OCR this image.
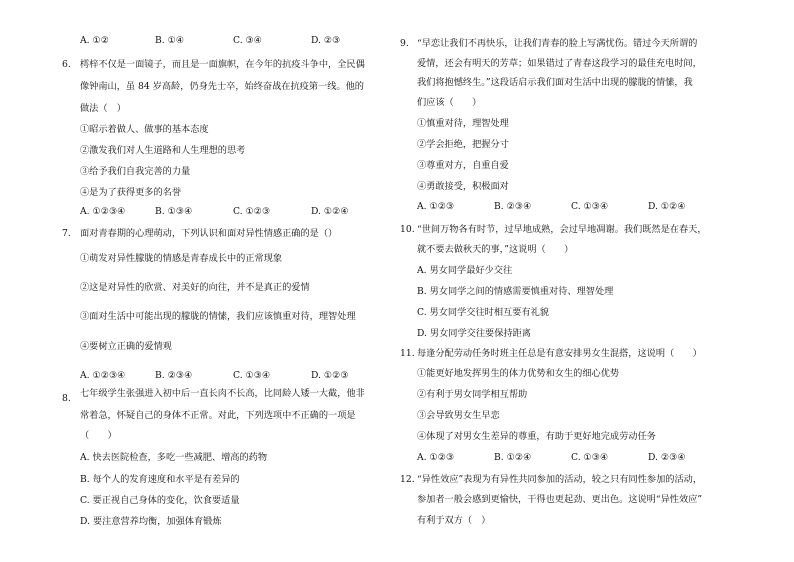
A. ①②	B. ①④	C. ③④	D. ②③
6. 樗梓不仅是一面镜子，而且是一面旗帜，在今年的抗疫斗争中，全民偶
像钟南山，虽 84 岁高龄，仍身先士卒，始终奋战在抗疫第一线。他的
做法（　）
①昭示着做人、做事的基本态度
②激发我们对人生道路和人生理想的思考
③给予我们自我完善的力量
④是为了获得更多的名誉
A. ①②③④	B. ①③④	C. ①②③	D. ①②④
7. 面对青春期的心理萌动，下列认识和面对异性情感正确的是（）
①萌发对异性朦胧的情感是青春成长中的正常现象
②这是对异性的欣赏、对美好的向往，并不是真正的爱情
③面对生活中可能出现的朦胧的情愫，我们应该慎重对待，理智处理
④要树立正确的爱情观
A. ①②③④	B. ②③④	C. ①③④	D. ①②③
8. 七年级学生张强进入初中后一直长肉不长高，比同龄人矮一大截，他非
常着急，怀疑自己的身体不正常。对此，下列选项中不正确的一项是
（　　）
A. 快去医院检查，多吃一些减肥、增高的药物
B. 每个人的发育速度和水平是有差异的
C. 要正视自己身体的变化，饮食要适量
D. 要注意营养均衡，加强体育锻炼
9. “早恋让我们不再快乐，让我们青春的脸上写满忧伤。错过今天所谓的
爱情，还会有明天的芳草；如果错过了青春这段学习的最佳充电时间，
我们将抱憾终生。”这段话启示我们面对生活中出现的朦胧的情愫，我
们应该（　　）
①慎重对待，理智处理
②学会拒绝，把握分寸
③尊重对方，自重自爱
④勇敢接受，积极面对
A. ①②③	B. ②③④	C. ①③④	D. ①②④
10. “世间万物各有时节，过早地成熟，会过早地凋谢。我们既然是在春天，
就不要去做秋天的事，”这说明（　　）
A. 男女同学最好少交往
B. 男女同学之间的情感需要慎重对待、理智处理
C. 男女同学交往时相互要有礼貌
D. 男女同学交往要保持距离
11. 每逢分配劳动任务时班主任总是有意安排男女生混搭，这说明（　　）
①能更好地发挥男生的体力优势和女生的细心优势
②有利于男女同学相互帮助
③会导致男女生早恋
④体现了对男女生差异的尊重，有助于更好地完成劳动任务
A. ①②③	B. ①②④	C. ①③④	D. ②③④
12. “异性效应”表现为有异性共同参加的活动，较之只有同性参加的活动，
参加者一般会感到更愉快，干得也更起劲、更出色。这说明“异性效应”
有利于双方（　）
